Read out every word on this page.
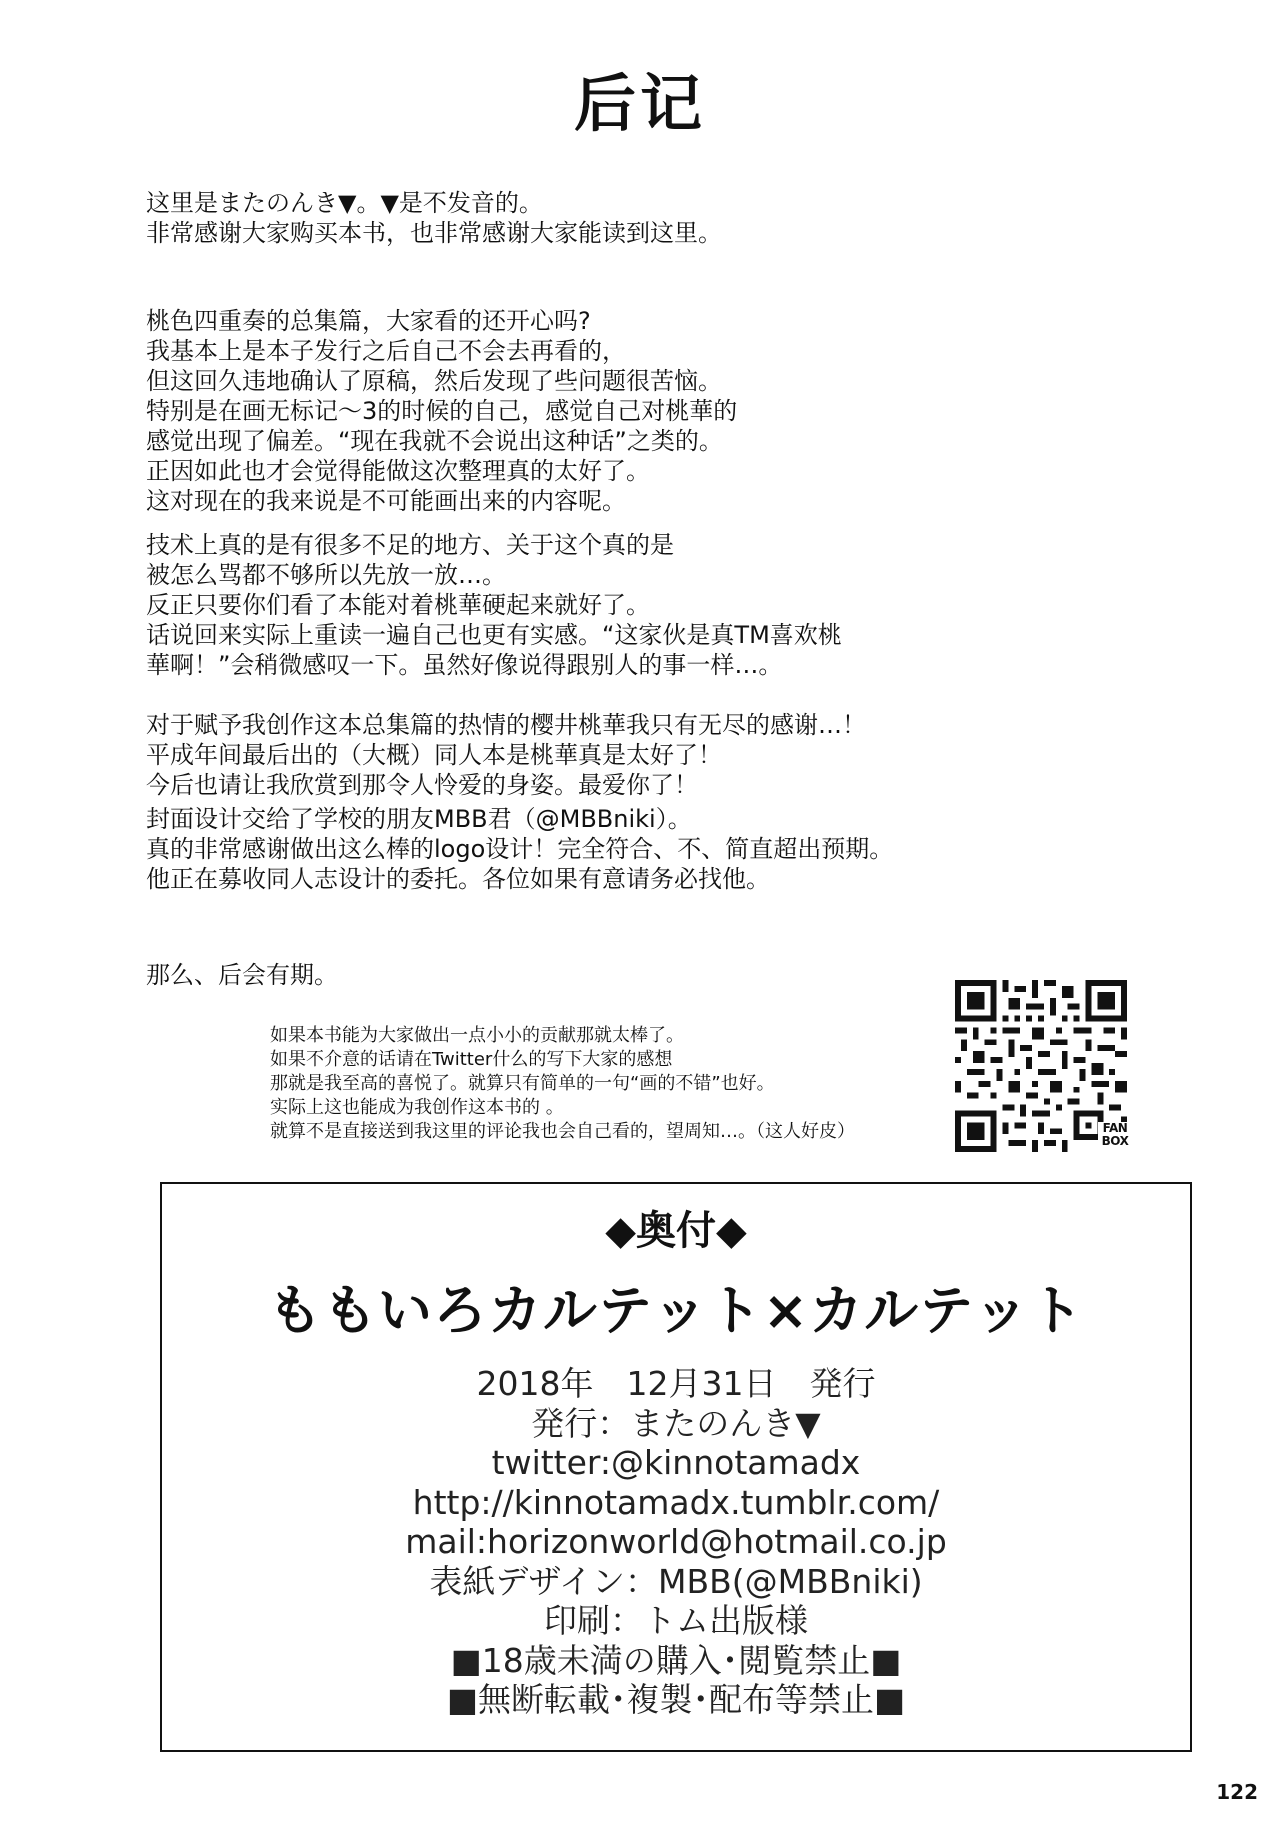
后记
这里是またのんき▼。▼是不发音的。
非常感谢大家购买本书，也非常感谢大家能读到这里。
桃色四重奏的总集篇，大家看的还开心吗?
我基本上是本子发行之后自己不会去再看的，
但这回久违地确认了原稿，然后发现了些问题很苦恼。
特别是在画无标记～3的时候的自己，感觉自己对桃華的
感觉出现了偏差。“现在我就不会说出这种话”之类的。
正因如此也才会觉得能做这次整理真的太好了。
这对现在的我来说是不可能画出来的内容呢。
技术上真的是有很多不足的地方、关于这个真的是
被怎么骂都不够所以先放一放…。
反正只要你们看了本能对着桃華硬起来就好了。
话说回来实际上重读一遍自己也更有实感。“这家伙是真TM喜欢桃
華啊！”会稍微感叹一下。虽然好像说得跟别人的事一样…。
对于赋予我创作这本总集篇的热情的樱井桃華我只有无尽的感谢…！
平成年间最后出的（大概）同人本是桃華真是太好了！
今后也请让我欣赏到那令人怜爱的身姿。最爱你了！
封面设计交给了学校的朋友MBB君（@MBBniki）。
真的非常感谢做出这么棒的logo设计！完全符合、不、简直超出预期。
他正在募收同人志设计的委托。各位如果有意请务必找他。
那么、后会有期。
如果本书能为大家做出一点小小的贡献那就太棒了。
如果不介意的话请在Twitter什么的写下大家的感想
那就是我至高的喜悦了。就算只有简单的一句“画的不错”也好。
实际上这也能成为我创作这本书的 。
就算不是直接送到我这里的评论我也会自己看的，望周知…。（这人好皮）	FAN
BOX
◆奥付◆
ももいろカルテット×カルテット
2018年　12月31日　発行
発行：またのんき▼
twitter:@kinnotamadx
http://kinnotamadx.tumblr.com/
mail:horizonworld@hotmail.co.jp
表紙デザイン：MBB(@MBBniki)
印刷：トム出版様
■18歳未満の購入･閲覧禁止■
■無断転載･複製･配布等禁止■
122
